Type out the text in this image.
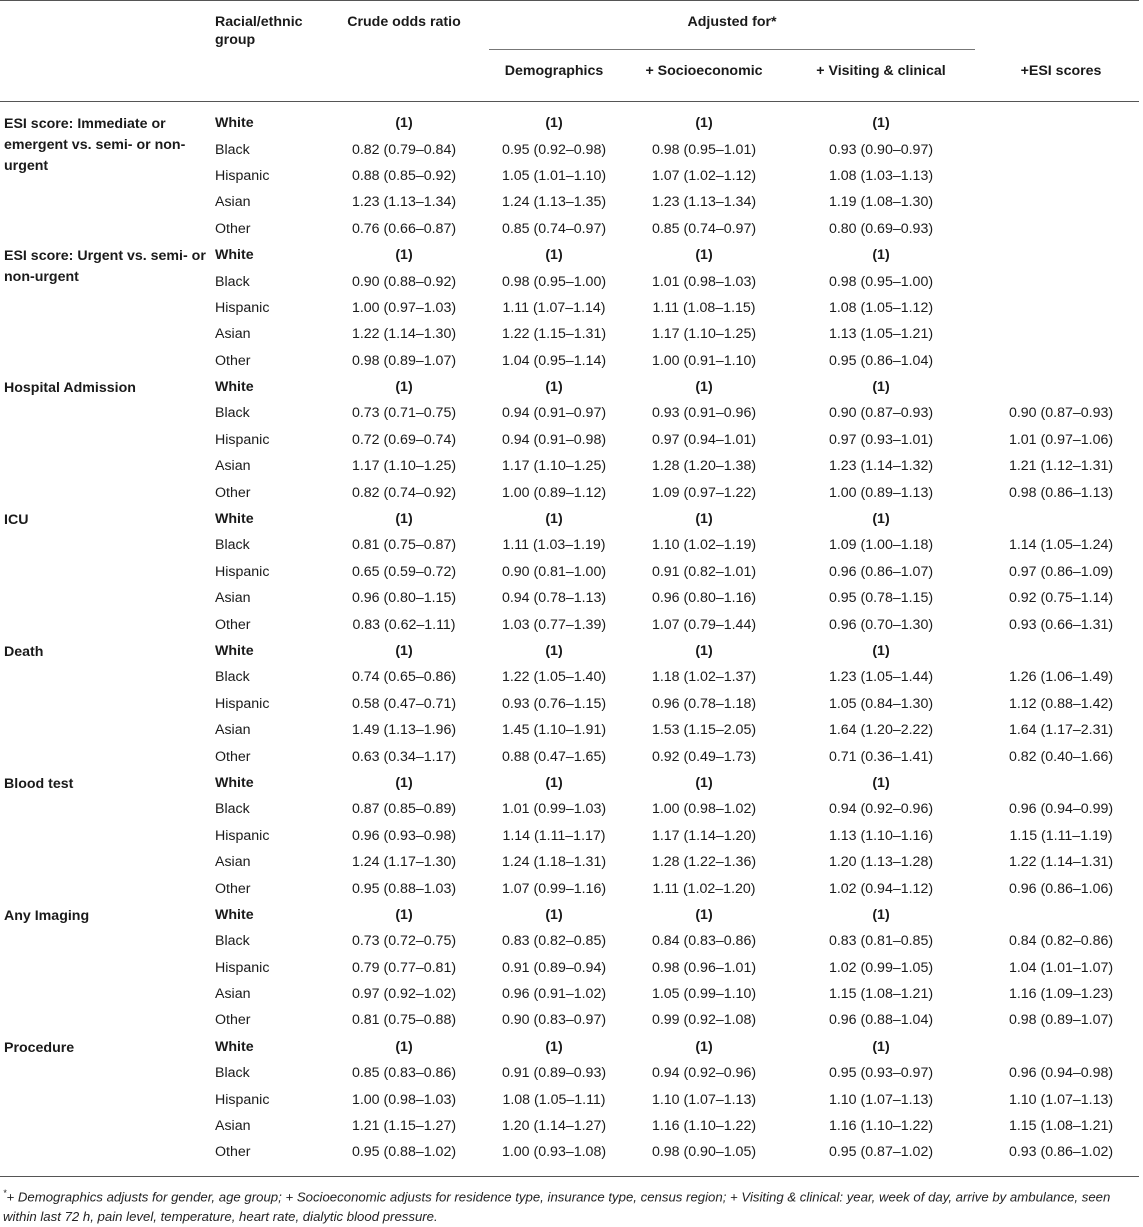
	Racial/ethnic group	Crude odds ratio	Adjusted for*			

			Demographics	+ Socioeconomic	+ Visiting & clinical	+ESI scores

ESI score: Immediate or emergent vs. semi- or non-urgent	White	(1)	(1)	(1)	(1)	
	Black	0.82 (0.79–0.84)	0.95 (0.92–0.98)	0.98 (0.95–1.01)	0.93 (0.90–0.97)	
	Hispanic	0.88 (0.85–0.92)	1.05 (1.01–1.10)	1.07 (1.02–1.12)	1.08 (1.03–1.13)	
	Asian	1.23 (1.13–1.34)	1.24 (1.13–1.35)	1.23 (1.13–1.34)	1.19 (1.08–1.30)	
	Other	0.76 (0.66–0.87)	0.85 (0.74–0.97)	0.85 (0.74–0.97)	0.80 (0.69–0.93)	
ESI score: Urgent vs. semi- or non-urgent	White	(1)	(1)	(1)	(1)	
	Black	0.90 (0.88–0.92)	0.98 (0.95–1.00)	1.01 (0.98–1.03)	0.98 (0.95–1.00)	
	Hispanic	1.00 (0.97–1.03)	1.11 (1.07–1.14)	1.11 (1.08–1.15)	1.08 (1.05–1.12)	
	Asian	1.22 (1.14–1.30)	1.22 (1.15–1.31)	1.17 (1.10–1.25)	1.13 (1.05–1.21)	
	Other	0.98 (0.89–1.07)	1.04 (0.95–1.14)	1.00 (0.91–1.10)	0.95 (0.86–1.04)	
Hospital Admission	White	(1)	(1)	(1)	(1)	
	Black	0.73 (0.71–0.75)	0.94 (0.91–0.97)	0.93 (0.91–0.96)	0.90 (0.87–0.93)	0.90 (0.87–0.93)
	Hispanic	0.72 (0.69–0.74)	0.94 (0.91–0.98)	0.97 (0.94–1.01)	0.97 (0.93–1.01)	1.01 (0.97–1.06)
	Asian	1.17 (1.10–1.25)	1.17 (1.10–1.25)	1.28 (1.20–1.38)	1.23 (1.14–1.32)	1.21 (1.12–1.31)
	Other	0.82 (0.74–0.92)	1.00 (0.89–1.12)	1.09 (0.97–1.22)	1.00 (0.89–1.13)	0.98 (0.86–1.13)
ICU	White	(1)	(1)	(1)	(1)	
	Black	0.81 (0.75–0.87)	1.11 (1.03–1.19)	1.10 (1.02–1.19)	1.09 (1.00–1.18)	1.14 (1.05–1.24)
	Hispanic	0.65 (0.59–0.72)	0.90 (0.81–1.00)	0.91 (0.82–1.01)	0.96 (0.86–1.07)	0.97 (0.86–1.09)
	Asian	0.96 (0.80–1.15)	0.94 (0.78–1.13)	0.96 (0.80–1.16)	0.95 (0.78–1.15)	0.92 (0.75–1.14)
	Other	0.83 (0.62–1.11)	1.03 (0.77–1.39)	1.07 (0.79–1.44)	0.96 (0.70–1.30)	0.93 (0.66–1.31)
Death	White	(1)	(1)	(1)	(1)	
	Black	0.74 (0.65–0.86)	1.22 (1.05–1.40)	1.18 (1.02–1.37)	1.23 (1.05–1.44)	1.26 (1.06–1.49)
	Hispanic	0.58 (0.47–0.71)	0.93 (0.76–1.15)	0.96 (0.78–1.18)	1.05 (0.84–1.30)	1.12 (0.88–1.42)
	Asian	1.49 (1.13–1.96)	1.45 (1.10–1.91)	1.53 (1.15–2.05)	1.64 (1.20–2.22)	1.64 (1.17–2.31)
	Other	0.63 (0.34–1.17)	0.88 (0.47–1.65)	0.92 (0.49–1.73)	0.71 (0.36–1.41)	0.82 (0.40–1.66)
Blood test	White	(1)	(1)	(1)	(1)	
	Black	0.87 (0.85–0.89)	1.01 (0.99–1.03)	1.00 (0.98–1.02)	0.94 (0.92–0.96)	0.96 (0.94–0.99)
	Hispanic	0.96 (0.93–0.98)	1.14 (1.11–1.17)	1.17 (1.14–1.20)	1.13 (1.10–1.16)	1.15 (1.11–1.19)
	Asian	1.24 (1.17–1.30)	1.24 (1.18–1.31)	1.28 (1.22–1.36)	1.20 (1.13–1.28)	1.22 (1.14–1.31)
	Other	0.95 (0.88–1.03)	1.07 (0.99–1.16)	1.11 (1.02–1.20)	1.02 (0.94–1.12)	0.96 (0.86–1.06)
Any Imaging	White	(1)	(1)	(1)	(1)	
	Black	0.73 (0.72–0.75)	0.83 (0.82–0.85)	0.84 (0.83–0.86)	0.83 (0.81–0.85)	0.84 (0.82–0.86)
	Hispanic	0.79 (0.77–0.81)	0.91 (0.89–0.94)	0.98 (0.96–1.01)	1.02 (0.99–1.05)	1.04 (1.01–1.07)
	Asian	0.97 (0.92–1.02)	0.96 (0.91–1.02)	1.05 (0.99–1.10)	1.15 (1.08–1.21)	1.16 (1.09–1.23)
	Other	0.81 (0.75–0.88)	0.90 (0.83–0.97)	0.99 (0.92–1.08)	0.96 (0.88–1.04)	0.98 (0.89–1.07)
Procedure	White	(1)	(1)	(1)	(1)	
	Black	0.85 (0.83–0.86)	0.91 (0.89–0.93)	0.94 (0.92–0.96)	0.95 (0.93–0.97)	0.96 (0.94–0.98)
	Hispanic	1.00 (0.98–1.03)	1.08 (1.05–1.11)	1.10 (1.07–1.13)	1.10 (1.07–1.13)	1.10 (1.07–1.13)
	Asian	1.21 (1.15–1.27)	1.20 (1.14–1.27)	1.16 (1.10–1.22)	1.16 (1.10–1.22)	1.15 (1.08–1.21)
	Other	0.95 (0.88–1.02)	1.00 (0.93–1.08)	0.98 (0.90–1.05)	0.95 (0.87–1.02)	0.93 (0.86–1.02)
*+ Demographics adjusts for gender, age group; + Socioeconomic adjusts for residence type, insurance type, census region; + Visiting & clinical: year, week of day, arrive by ambulance, seen within last 72 h, pain level, temperature, heart rate, dialytic blood pressure.
